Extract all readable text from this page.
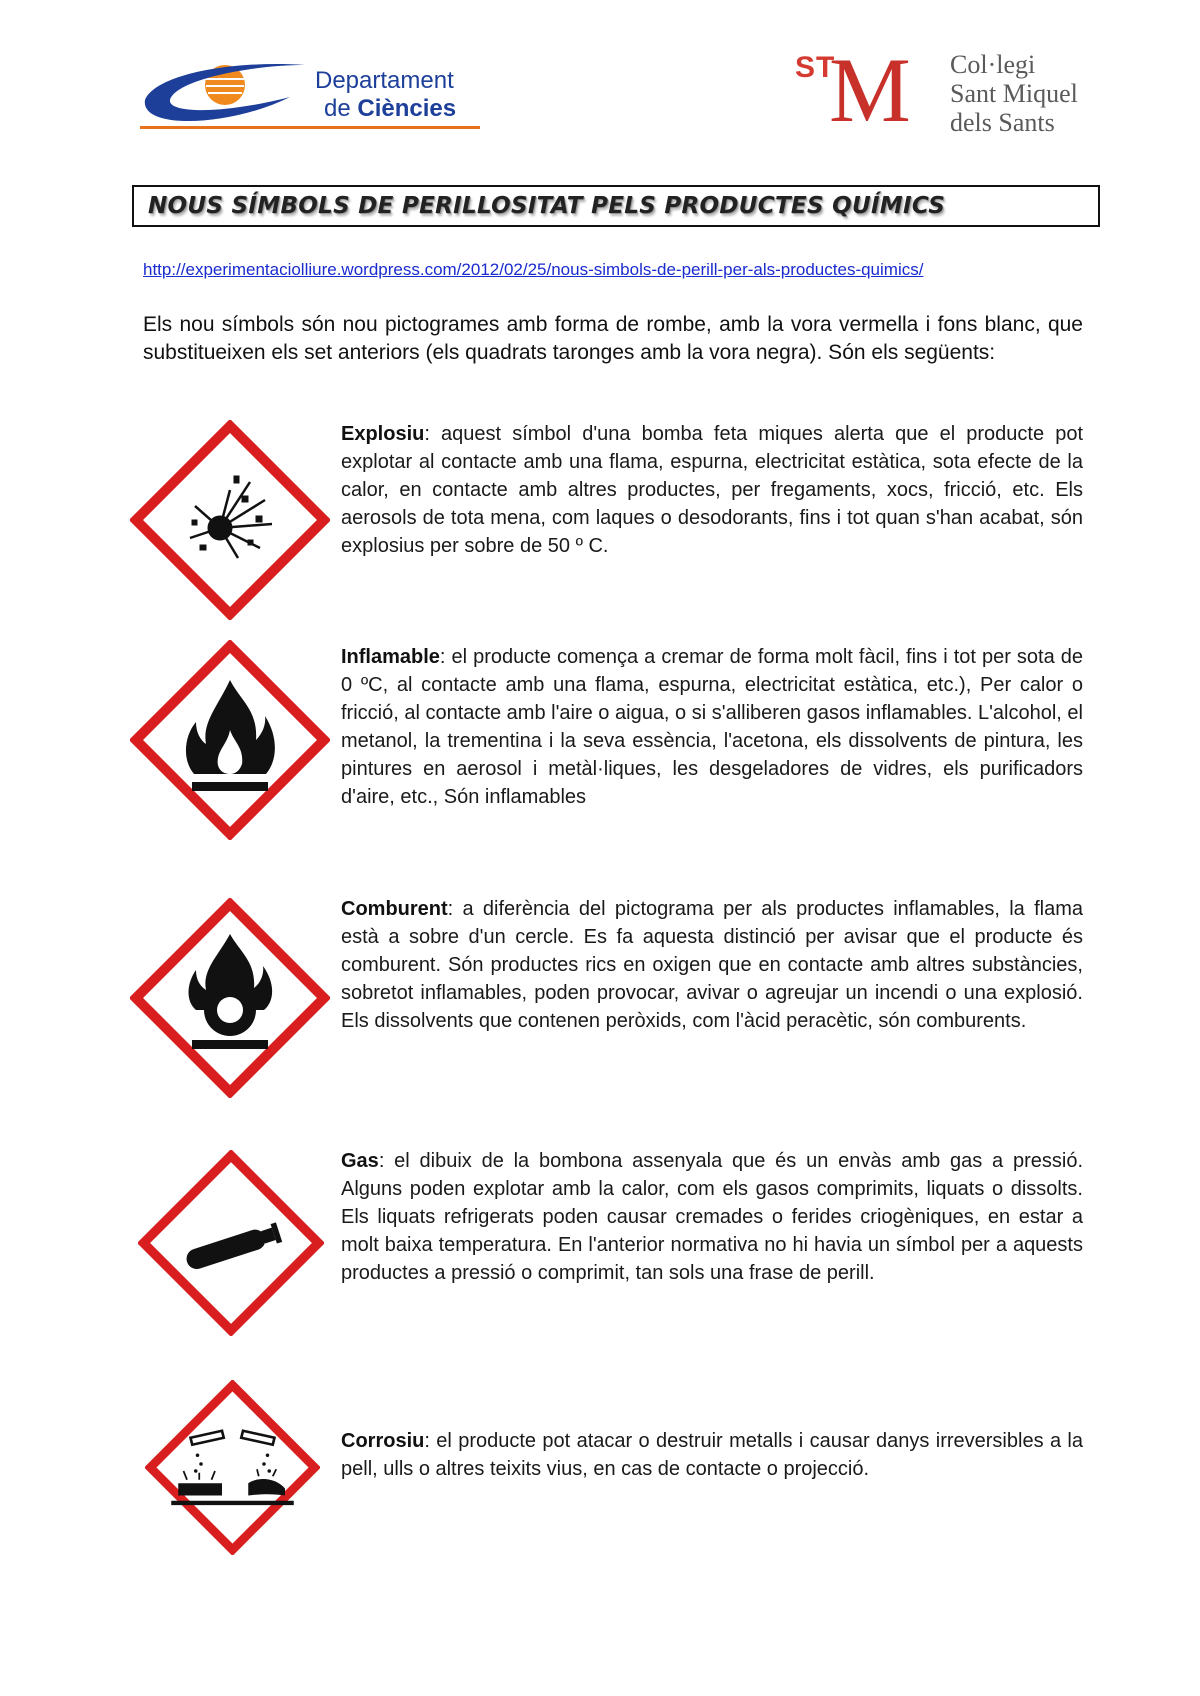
Departament
de Ciències
ST
M Col·legi
Sant Miquel
dels Sants
NOUS SÍMBOLS DE PERILLOSITAT PELS PRODUCTES QUÍMICS
http://experimentaciolliure.wordpress.com/2012/02/25/nous-simbols-de-perill-per-als-productes-quimics/
Els nou símbols són nou pictogrames amb forma de rombe, amb la vora vermella i fons blanc, que substitueixen els set anteriors (els quadrats taronges amb la vora negra). Són els següents:
Explosiu: aquest símbol d'una bomba feta miques alerta que el producte pot explotar al contacte amb una flama, espurna, electricitat estàtica, sota efecte de la calor, en contacte amb altres productes, per fregaments, xocs, fricció, etc. Els aerosols de tota mena, com laques o desodorants, fins i tot quan s'han acabat, són explosius per sobre de 50 º C.
Inflamable: el producte comença a cremar de forma molt fàcil, fins i tot per sota de 0 ºC, al contacte amb una flama, espurna, electricitat estàtica, etc.), Per calor o fricció, al contacte amb l'aire o aigua, o si s'alliberen gasos inflamables. L'alcohol, el metanol, la trementina i la seva essència, l'acetona, els dissolvents de pintura, les pintures en aerosol i metàl·liques, les desgeladores de vidres, els purificadors d'aire, etc., Són inflamables
Comburent: a diferència del pictograma per als productes inflamables, la flama està a sobre d'un cercle. Es fa aquesta distinció per avisar que el producte és comburent. Són productes rics en oxigen que en contacte amb altres substàncies, sobretot inflamables, poden provocar, avivar o agreujar un incendi o una explosió. Els dissolvents que contenen peròxids, com l'àcid peracètic, són comburents.
Gas: el dibuix de la bombona assenyala que és un envàs amb gas a pressió. Alguns poden explotar amb la calor, com els gasos comprimits, liquats o dissolts. Els liquats refrigerats poden causar cremades o ferides criogèniques, en estar a molt baixa temperatura. En l'anterior normativa no hi havia un símbol per a aquests productes a pressió o comprimit, tan sols una frase de perill.
Corrosiu: el producte pot atacar o destruir metalls i causar danys irreversibles a la pell, ulls o altres teixits vius, en cas de contacte o projecció.
